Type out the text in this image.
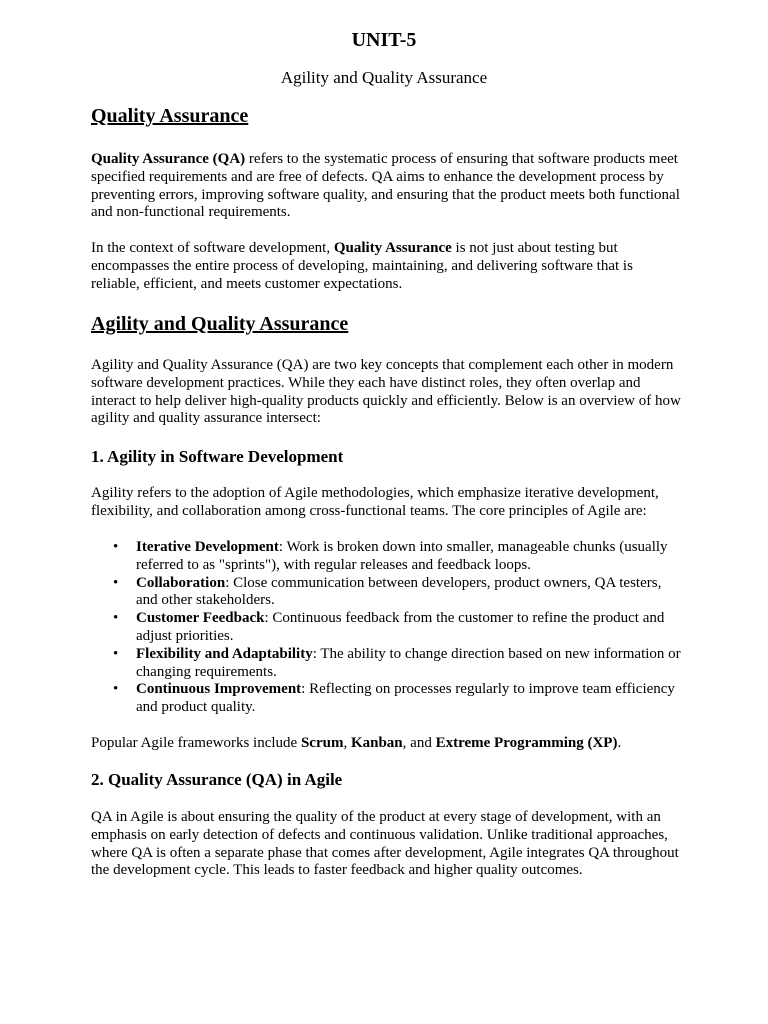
UNIT-5
Agility and Quality Assurance
Quality Assurance

Quality Assurance (QA) refers to the systematic process of ensuring that software products meet specified requirements and are free of defects. QA aims to enhance the development process by preventing errors, improving software quality, and ensuring that the product meets both functional and non-functional requirements.

In the context of software development, Quality Assurance is not just about testing but encompasses the entire process of developing, maintaining, and delivering software that is reliable, efficient, and meets customer expectations.

Agility and Quality Assurance

Agility and Quality Assurance (QA) are two key concepts that complement each other in modern software development practices. While they each have distinct roles, they often overlap and interact to help deliver high-quality products quickly and efficiently. Below is an overview of how agility and quality assurance intersect:

1. Agility in Software Development

Agility refers to the adoption of Agile methodologies, which emphasize iterative development, flexibility, and collaboration among cross-functional teams. The core principles of Agile are:

• Iterative Development: Work is broken down into smaller, manageable chunks (usually referred to as "sprints"), with regular releases and feedback loops.
• Collaboration: Close communication between developers, product owners, QA testers, and other stakeholders.
• Customer Feedback: Continuous feedback from the customer to refine the product and adjust priorities.
• Flexibility and Adaptability: The ability to change direction based on new information or changing requirements.
• Continuous Improvement: Reflecting on processes regularly to improve team efficiency and product quality.

Popular Agile frameworks include Scrum, Kanban, and Extreme Programming (XP).

2. Quality Assurance (QA) in Agile

QA in Agile is about ensuring the quality of the product at every stage of development, with an emphasis on early detection of defects and continuous validation. Unlike traditional approaches, where QA is often a separate phase that comes after development, Agile integrates QA throughout the development cycle. This leads to faster feedback and higher quality outcomes.
